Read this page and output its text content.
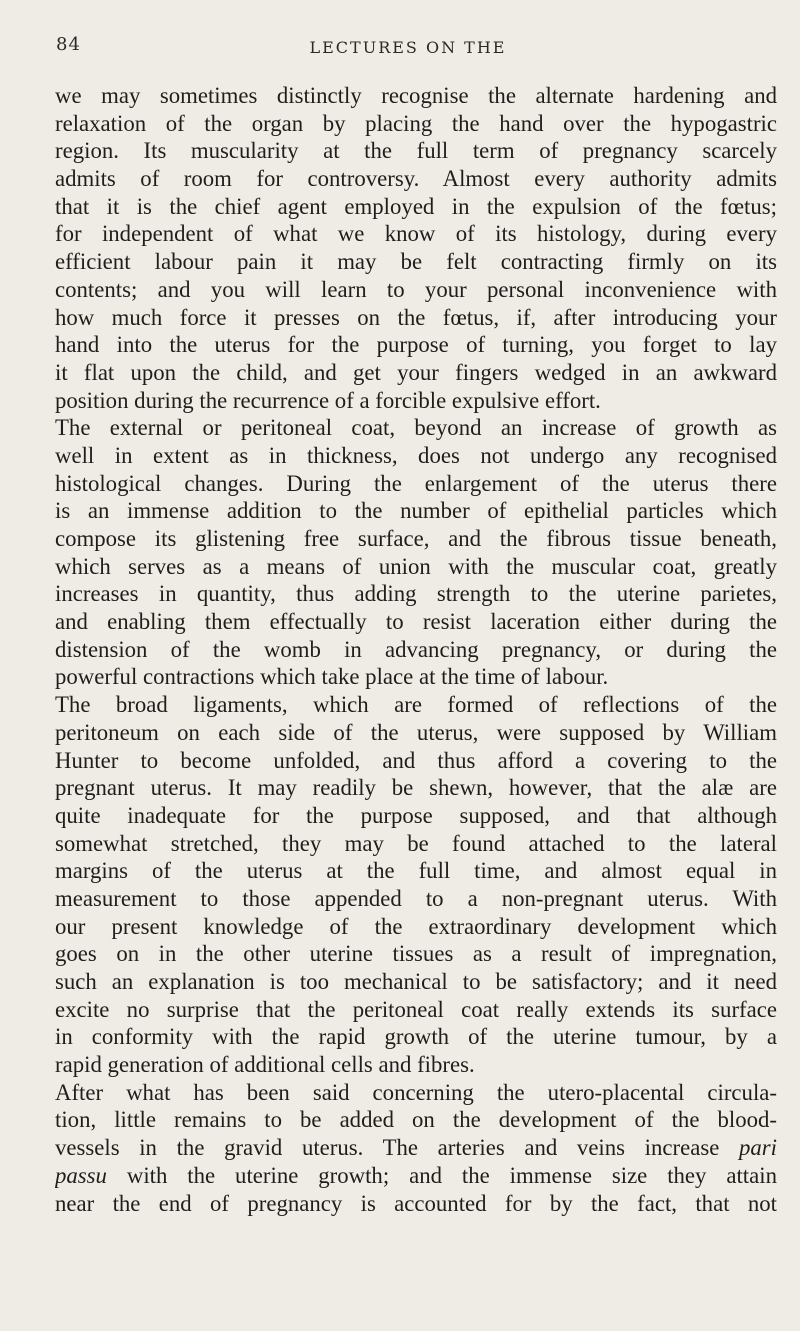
84	LECTURES ON THE
we may sometimes distinctly recognise the alternate hardening and
relaxation of the organ by placing the hand over the hypogastric
region. Its muscularity at the full term of pregnancy scarcely
admits of room for controversy. Almost every authority admits
that it is the chief agent employed in the expulsion of the fœtus;
for independent of what we know of its histology, during every
efficient labour pain it may be felt contracting firmly on its
contents; and you will learn to your personal inconvenience with
how much force it presses on the fœtus, if, after introducing your
hand into the uterus for the purpose of turning, you forget to lay
it flat upon the child, and get your fingers wedged in an awkward
position during the recurrence of a forcible expulsive effort.
The external or peritoneal coat, beyond an increase of growth as
well in extent as in thickness, does not undergo any recognised
histological changes. During the enlargement of the uterus there
is an immense addition to the number of epithelial particles which
compose its glistening free surface, and the fibrous tissue beneath,
which serves as a means of union with the muscular coat, greatly
increases in quantity, thus adding strength to the uterine parietes,
and enabling them effectually to resist laceration either during the
distension of the womb in advancing pregnancy, or during the
powerful contractions which take place at the time of labour.
The broad ligaments, which are formed of reflections of the
peritoneum on each side of the uterus, were supposed by William
Hunter to become unfolded, and thus afford a covering to the
pregnant uterus. It may readily be shewn, however, that the alæ are
quite inadequate for the purpose supposed, and that although
somewhat stretched, they may be found attached to the lateral
margins of the uterus at the full time, and almost equal in
measurement to those appended to a non-pregnant uterus. With
our present knowledge of the extraordinary development which
goes on in the other uterine tissues as a result of impregnation,
such an explanation is too mechanical to be satisfactory; and it need
excite no surprise that the peritoneal coat really extends its surface
in conformity with the rapid growth of the uterine tumour, by a
rapid generation of additional cells and fibres.
After what has been said concerning the utero-placental circula-
tion, little remains to be added on the development of the blood-
vessels in the gravid uterus. The arteries and veins increase pari
passu with the uterine growth; and the immense size they attain
near the end of pregnancy is accounted for by the fact, that not
